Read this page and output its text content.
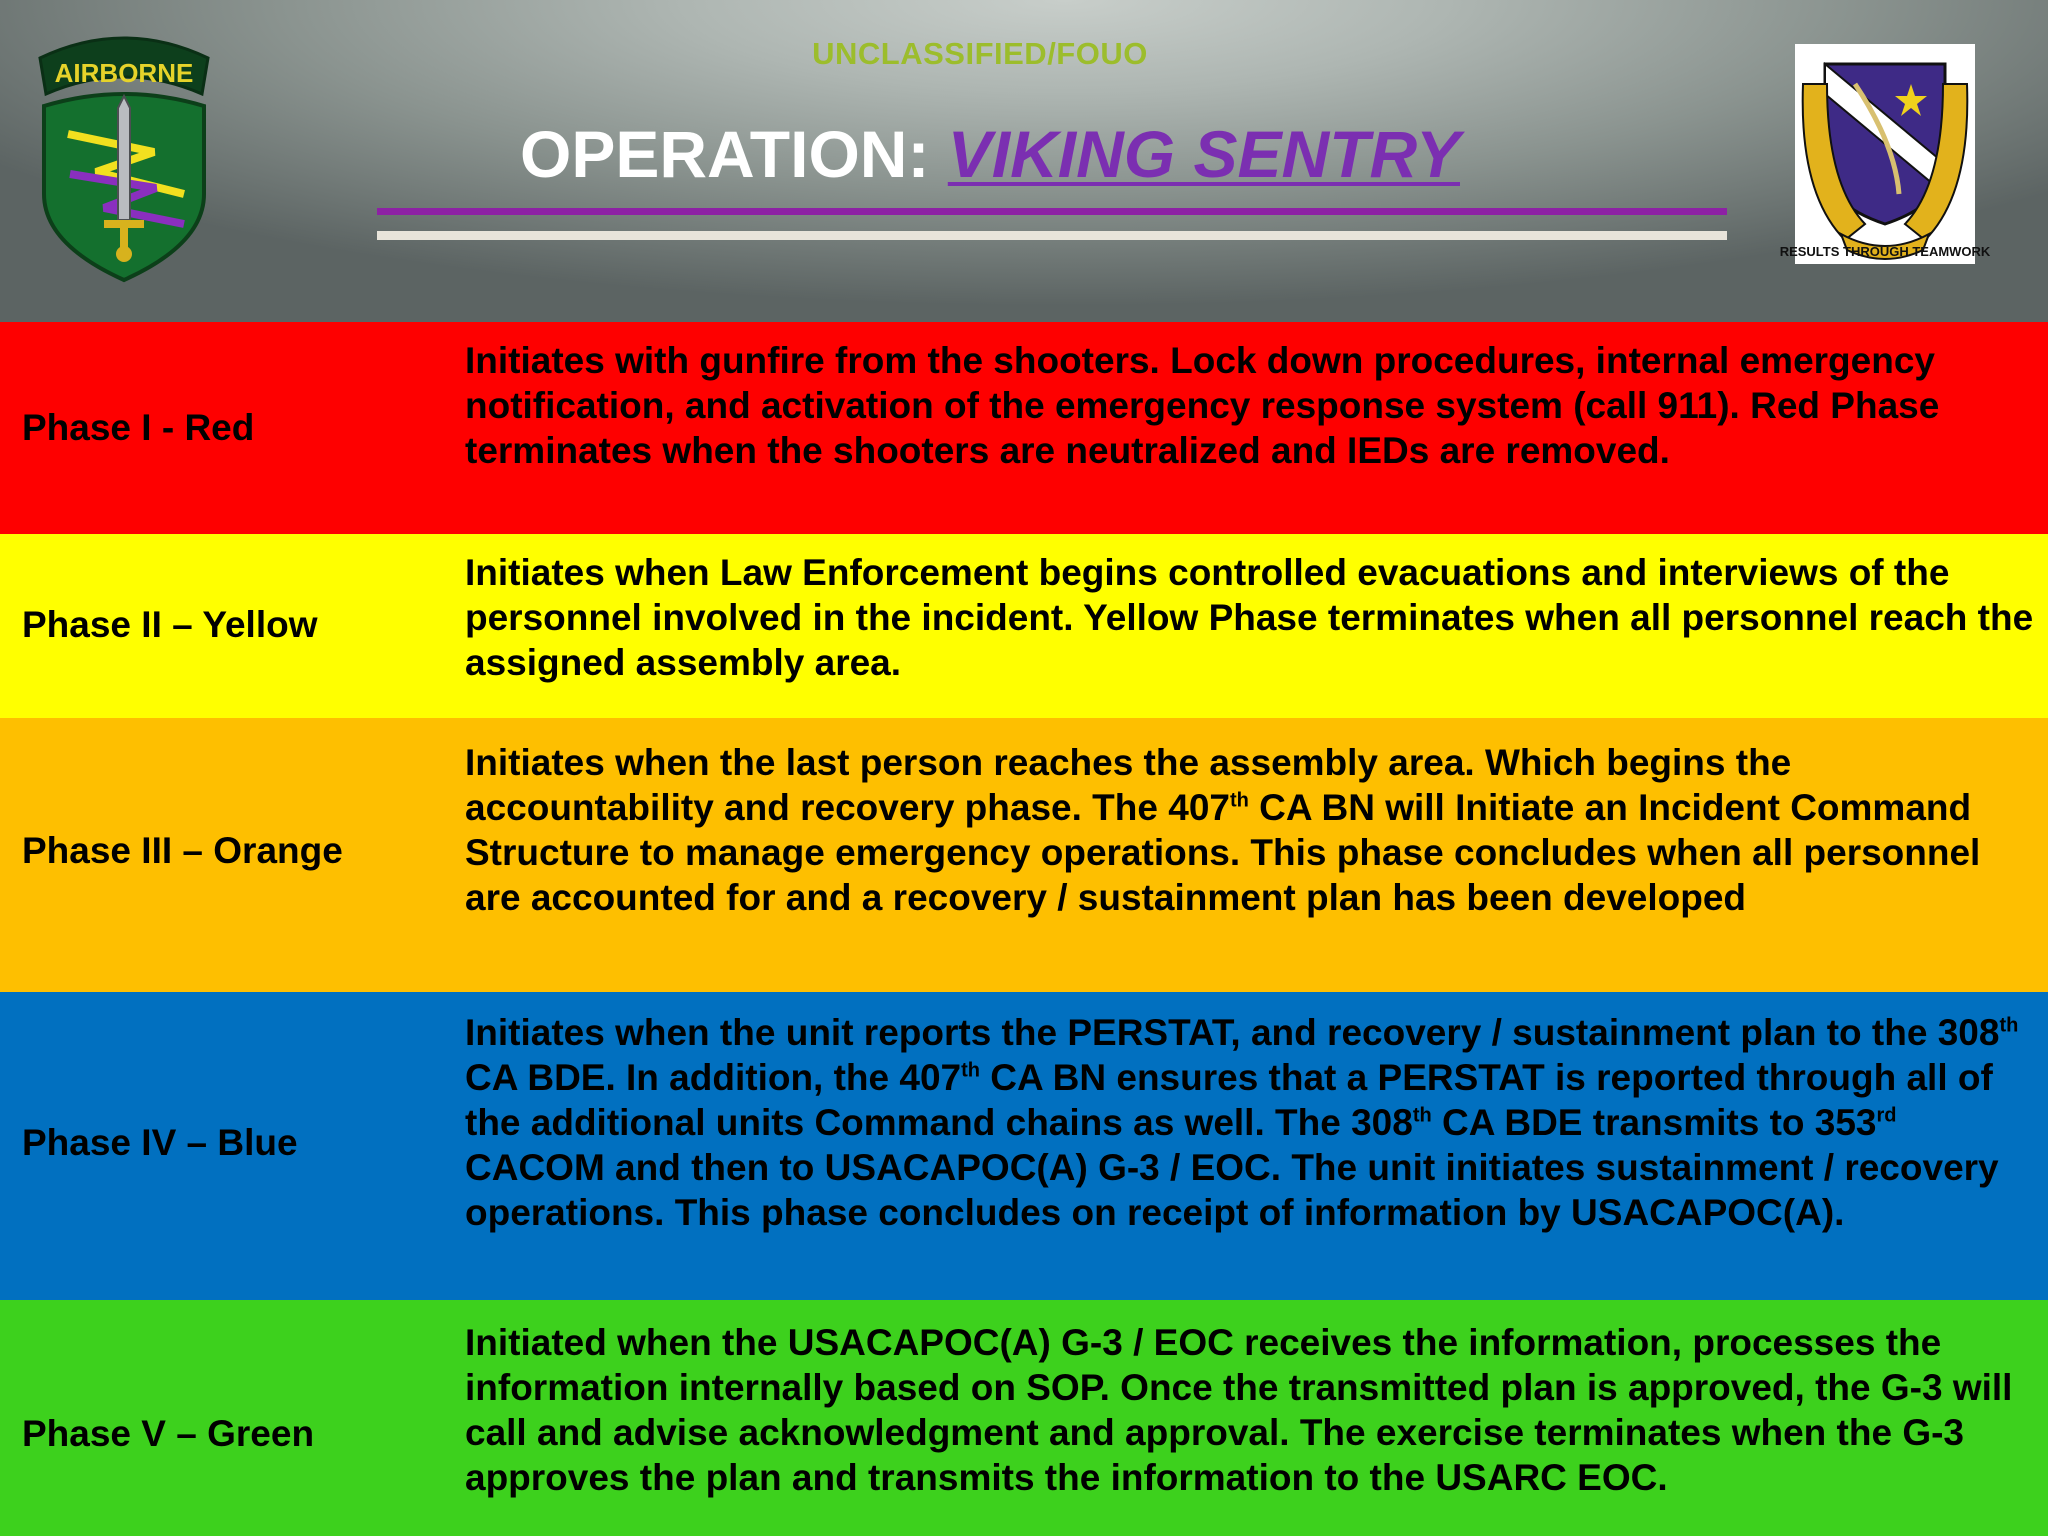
UNCLASSIFIED/FOUO
OPERATION: VIKING SENTRY
AIRBORNE
RESULTS THROUGH TEAMWORK
Phase I - Red
Initiates with gunfire from the shooters. Lock down procedures, internal emergency notification, and activation of the emergency response system (call 911). Red Phase terminates when the shooters are neutralized and IEDs are removed.
Phase II – Yellow
Initiates when Law Enforcement begins controlled evacuations and interviews of the personnel involved in the incident. Yellow Phase terminates when all personnel reach the assigned assembly area.
Phase III – Orange
Initiates when the last person reaches the assembly area. Which begins the accountability and recovery phase. The 407th CA BN will Initiate an Incident Command Structure to manage emergency operations. This phase concludes when all personnel are accounted for and a recovery / sustainment plan has been developed
Phase IV – Blue
Initiates when the unit reports the PERSTAT, and recovery / sustainment plan to the 308th CA BDE. In addition, the 407th CA BN ensures that a PERSTAT is reported through all of the additional units Command chains as well. The 308th CA BDE transmits to 353rd CACOM and then to USACAPOC(A) G-3 / EOC. The unit initiates sustainment / recovery operations. This phase concludes on receipt of information by USACAPOC(A).
Phase V – Green
Initiated when the USACAPOC(A) G-3 / EOC receives the information, processes the information internally based on SOP. Once the transmitted plan is approved, the G-3 will call and advise acknowledgment and approval. The exercise terminates when the G-3 approves the plan and transmits the information to the USARC EOC.
